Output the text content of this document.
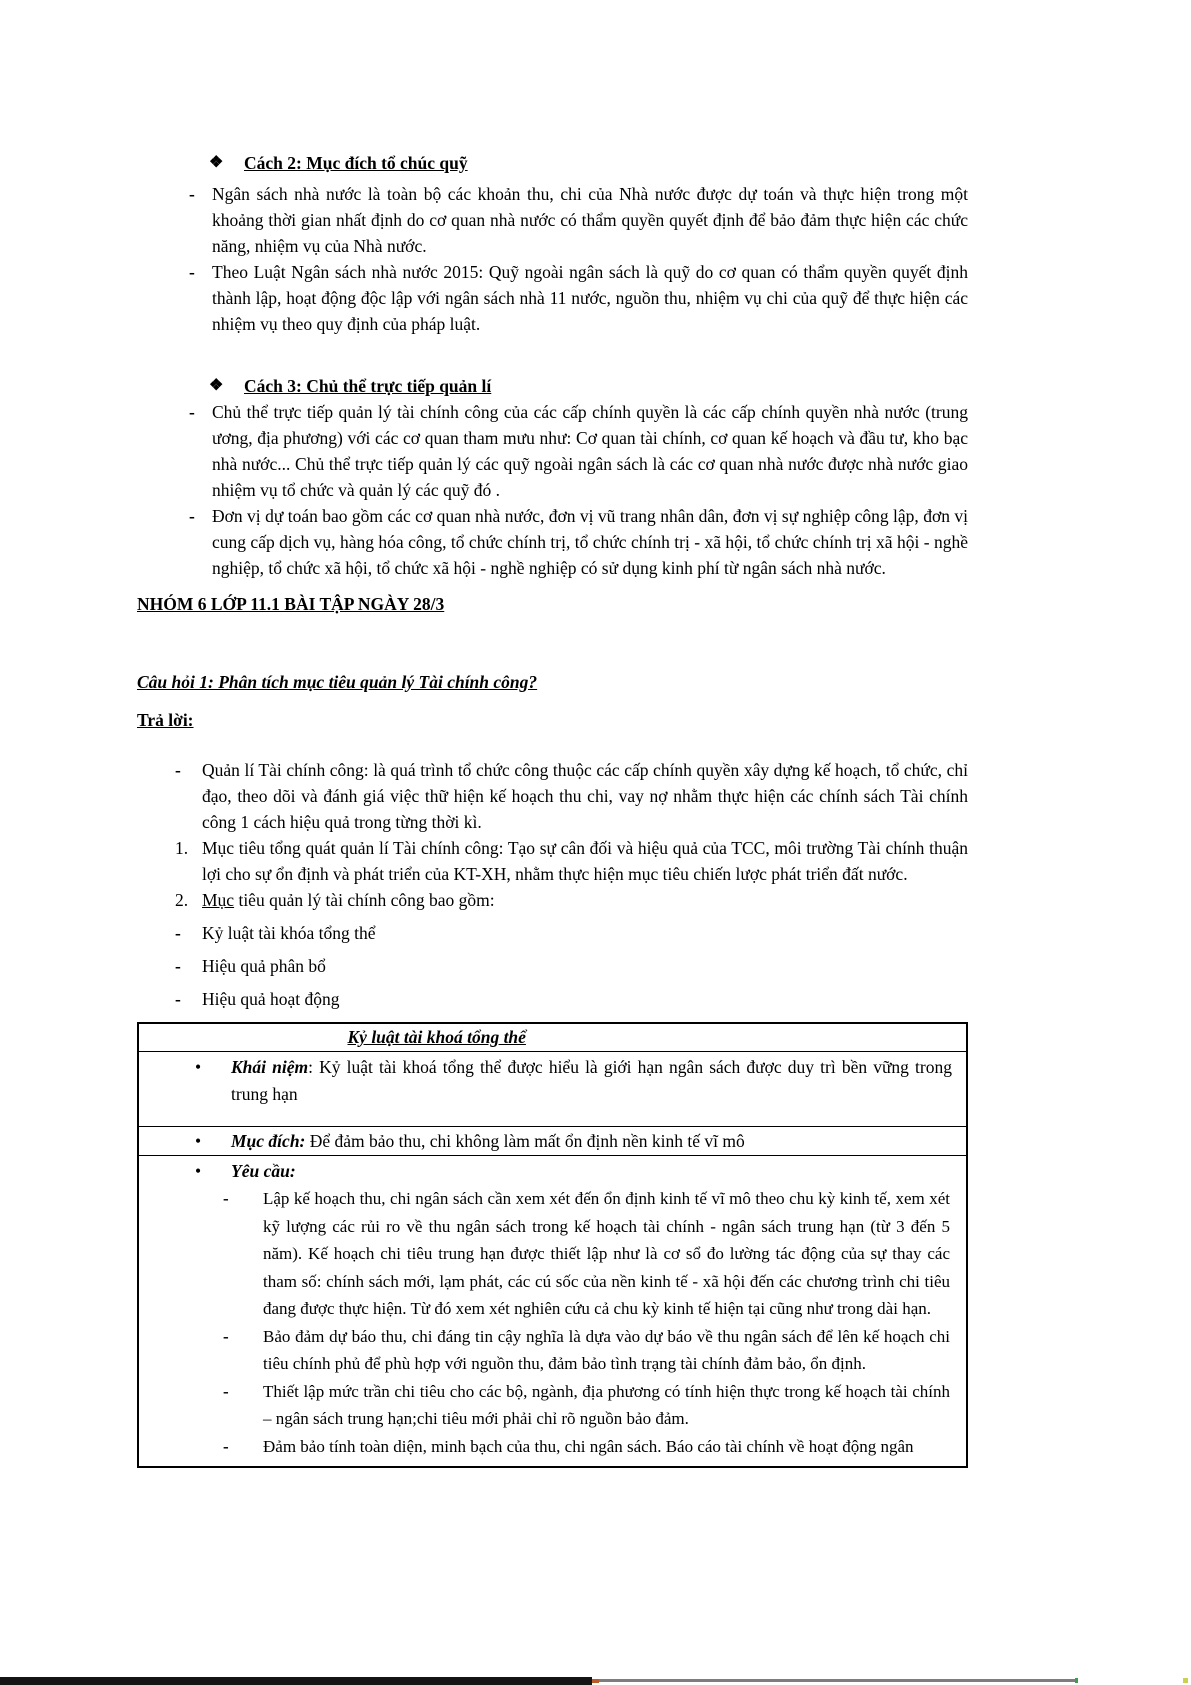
❖ Cách 2: Mục đích tổ chúc quỹ
- Ngân sách nhà nước là toàn bộ các khoản thu, chi của Nhà nước được dự toán và thực hiện trong một khoảng thời gian nhất định do cơ quan nhà nước có thẩm quyền quyết định để bảo đảm thực hiện các chức năng, nhiệm vụ của Nhà nước.
- Theo Luật Ngân sách nhà nước 2015: Quỹ ngoài ngân sách là quỹ do cơ quan có thẩm quyền quyết định thành lập, hoạt động độc lập với ngân sách nhà 11 nước, nguồn thu, nhiệm vụ chi của quỹ để thực hiện các nhiệm vụ theo quy định của pháp luật.
❖ Cách 3: Chủ thể trực tiếp quản lí
- Chủ thể trực tiếp quản lý tài chính công của các cấp chính quyền là các cấp chính quyền nhà nước (trung ương, địa phương) với các cơ quan tham mưu như: Cơ quan tài chính, cơ quan kế hoạch và đầu tư, kho bạc nhà nước... Chủ thể trực tiếp quản lý các quỹ ngoài ngân sách là các cơ quan nhà nước được nhà nước giao nhiệm vụ tổ chức và quản lý các quỹ đó .
- Đơn vị dự toán bao gồm các cơ quan nhà nước, đơn vị vũ trang nhân dân, đơn vị sự nghiệp công lập, đơn vị cung cấp dịch vụ, hàng hóa công, tổ chức chính trị, tổ chức chính trị - xã hội, tổ chức chính trị xã hội - nghề nghiệp, tổ chức xã hội, tổ chức xã hội - nghề nghiệp có sử dụng kinh phí từ ngân sách nhà nước.
NHÓM 6 LỚP 11.1 BÀI TẬP NGÀY 28/3
Câu hỏi 1: Phân tích mục tiêu quản lý Tài chính công?
Trả lời:
- Quản lí Tài chính công: là quá trình tổ chức công thuộc các cấp chính quyền xây dựng kế hoạch, tổ chức, chỉ đạo, theo dõi và đánh giá việc thữ hiện kế hoạch thu chi, vay nợ nhằm thực hiện các chính sách Tài chính công 1 cách hiệu quả trong từng thời kì.
1. Mục tiêu tổng quát quản lí Tài chính công: Tạo sự cân đối và hiệu quả của TCC, môi trường Tài chính thuận lợi cho sự ổn định và phát triển của KT-XH, nhằm thực hiện mục tiêu chiến lược phát triển đất nước.
2. Mục tiêu quản lý tài chính công bao gồm:
- Kỷ luật tài khóa tổng thể
- Hiệu quả phân bổ
- Hiệu quả hoạt động
Kỷ luật tài khoá tổng thể
• Khái niệm: Kỷ luật tài khoá tổng thể được hiểu là giới hạn ngân sách được duy trì bền vững trong trung hạn
• Mục đích: Để đảm bảo thu, chi không làm mất ổn định nền kinh tế vĩ mô
• Yêu cầu:
- Lập kế hoạch thu, chi ngân sách cần xem xét đến ổn định kinh tế vĩ mô theo chu kỳ kinh tế, xem xét kỹ lượng các rủi ro về thu ngân sách trong kế hoạch tài chính - ngân sách trung hạn (từ 3 đến 5 năm). Kế hoạch chi tiêu trung hạn được thiết lập như là cơ sổ đo lường tác động của sự thay các tham số: chính sách mới, lạm phát, các cú sốc của nền kinh tế - xã hội đến các chương trình chi tiêu đang được thực hiện. Từ đó xem xét nghiên cứu cả chu kỳ kinh tế hiện tại cũng như trong dài hạn.
- Bảo đảm dự báo thu, chi đáng tin cậy nghĩa là dựa vào dự báo về thu ngân sách để lên kế hoạch chi tiêu chính phủ để phù hợp với nguồn thu, đảm bảo tình trạng tài chính đảm bảo, ổn định.
- Thiết lập mức trần chi tiêu cho các bộ, ngành, địa phương có tính hiện thực trong kế hoạch tài chính – ngân sách trung hạn;chi tiêu mới phải chỉ rõ nguồn bảo đảm.
- Đảm bảo tính toàn diện, minh bạch của thu, chi ngân sách. Báo cáo tài chính về hoạt động ngân
